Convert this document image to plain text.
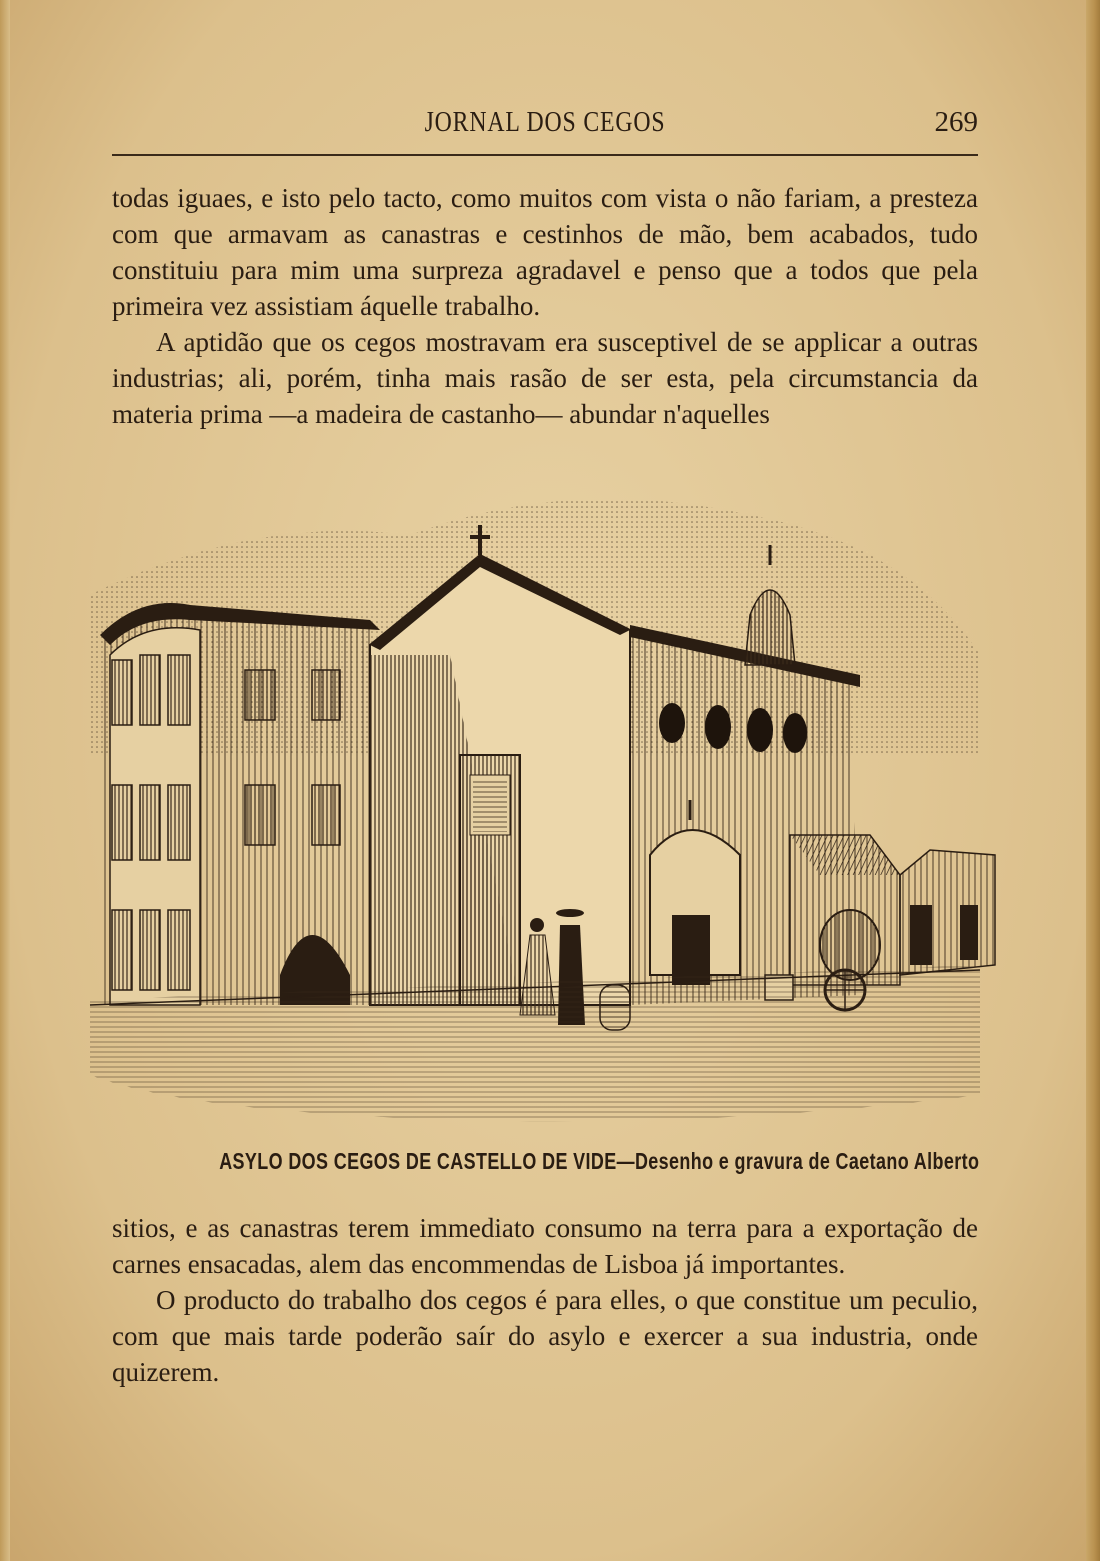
JORNAL DOS CEGOS	269

todas iguaes, e isto pelo tacto, como muitos com vista o não fariam, a presteza com que armavam as canastras e cestinhos de mão, bem acabados, tudo constituiu para mim uma surpreza agradavel e penso que a todos que pela primeira vez assistiam áquelle trabalho.

A aptidão que os cegos mostravam era susceptivel de se applicar a outras industrias; ali, porém, tinha mais rasão de ser esta, pela circumstancia da materia prima —a madeira de castanho— abundar n'aquelles

ASYLO DOS CEGOS DE CASTELLO DE VIDE—Desenho e gravura de Caetano Alberto

sitios, e as canastras terem immediato consumo na terra para a exportação de carnes ensacadas, alem das encommendas de Lisboa já importantes.

O producto do trabalho dos cegos é para elles, o que constitue um peculio, com que mais tarde poderão saír do asylo e exercer a sua industria, onde quizerem.
